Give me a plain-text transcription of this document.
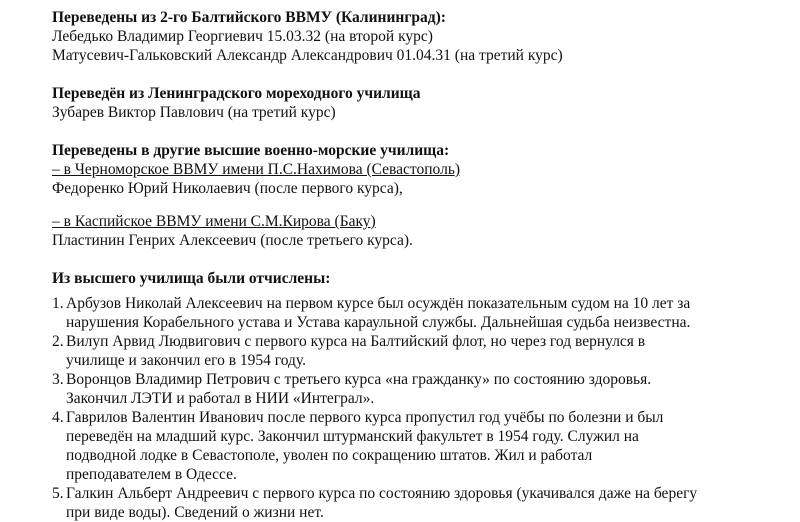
Переведены из 2-го Балтийского ВВМУ (Калининград):
Лебедько Владимир Георгиевич 15.03.32 (на второй курс)
Матусевич-Гальковский Александр Александрович 01.04.31 (на третий курс)
Переведён из Ленинградского мореходного училища
Зубарев Виктор Павлович (на третий курс)
Переведены в другие высшие военно-морские училища:
– в Черноморское ВВМУ имени П.С.Нахимова (Севастополь)
Федоренко Юрий Николаевич (после первого курса),
– в Каспийское ВВМУ имени С.М.Кирова (Баку)
Пластинин Генрих Алексеевич (после третьего курса).
Из высшего училища были отчислены:
1. Арбузов Николай Алексеевич на первом курсе был осуждён показательным судом на 10 лет за
нарушения Корабельного устава и Устава караульной службы. Дальнейшая судьба неизвестна.
2. Вилуп Арвид Людвигович с первого курса на Балтийский флот, но через год вернулся в
училище и закончил его в 1954 году.
3. Воронцов Владимир Петрович с третьего курса «на гражданку» по состоянию здоровья.
Закончил ЛЭТИ и работал в НИИ «Интеграл».
4. Гаврилов Валентин Иванович после первого курса пропустил год учёбы по болезни и был
переведён на младший курс. Закончил штурманский факультет в 1954 году. Служил на
подводной лодке в Севастополе, уволен по сокращению штатов. Жил и работал
преподавателем в Одессе.
5. Галкин Альберт Андреевич с первого курса по состоянию здоровья (укачивался даже на берегу
при виде воды). Сведений о жизни нет.
